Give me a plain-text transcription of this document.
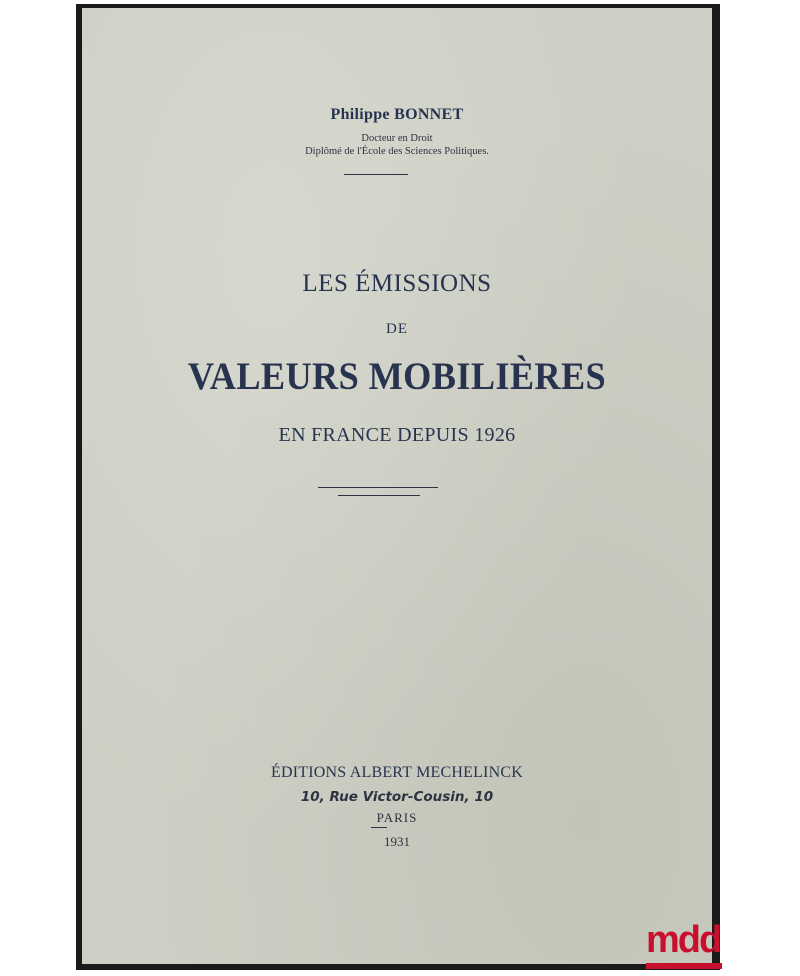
Philippe BONNET
Docteur en Droit
Diplômé de l'École des Sciences Politiques.
LES ÉMISSIONS
DE
VALEURS MOBILIÈRES
EN FRANCE DEPUIS 1926
ÉDITIONS ALBERT MECHELINCK
10, Rue Victor-Cousin, 10
PARIS
1931
mdd
